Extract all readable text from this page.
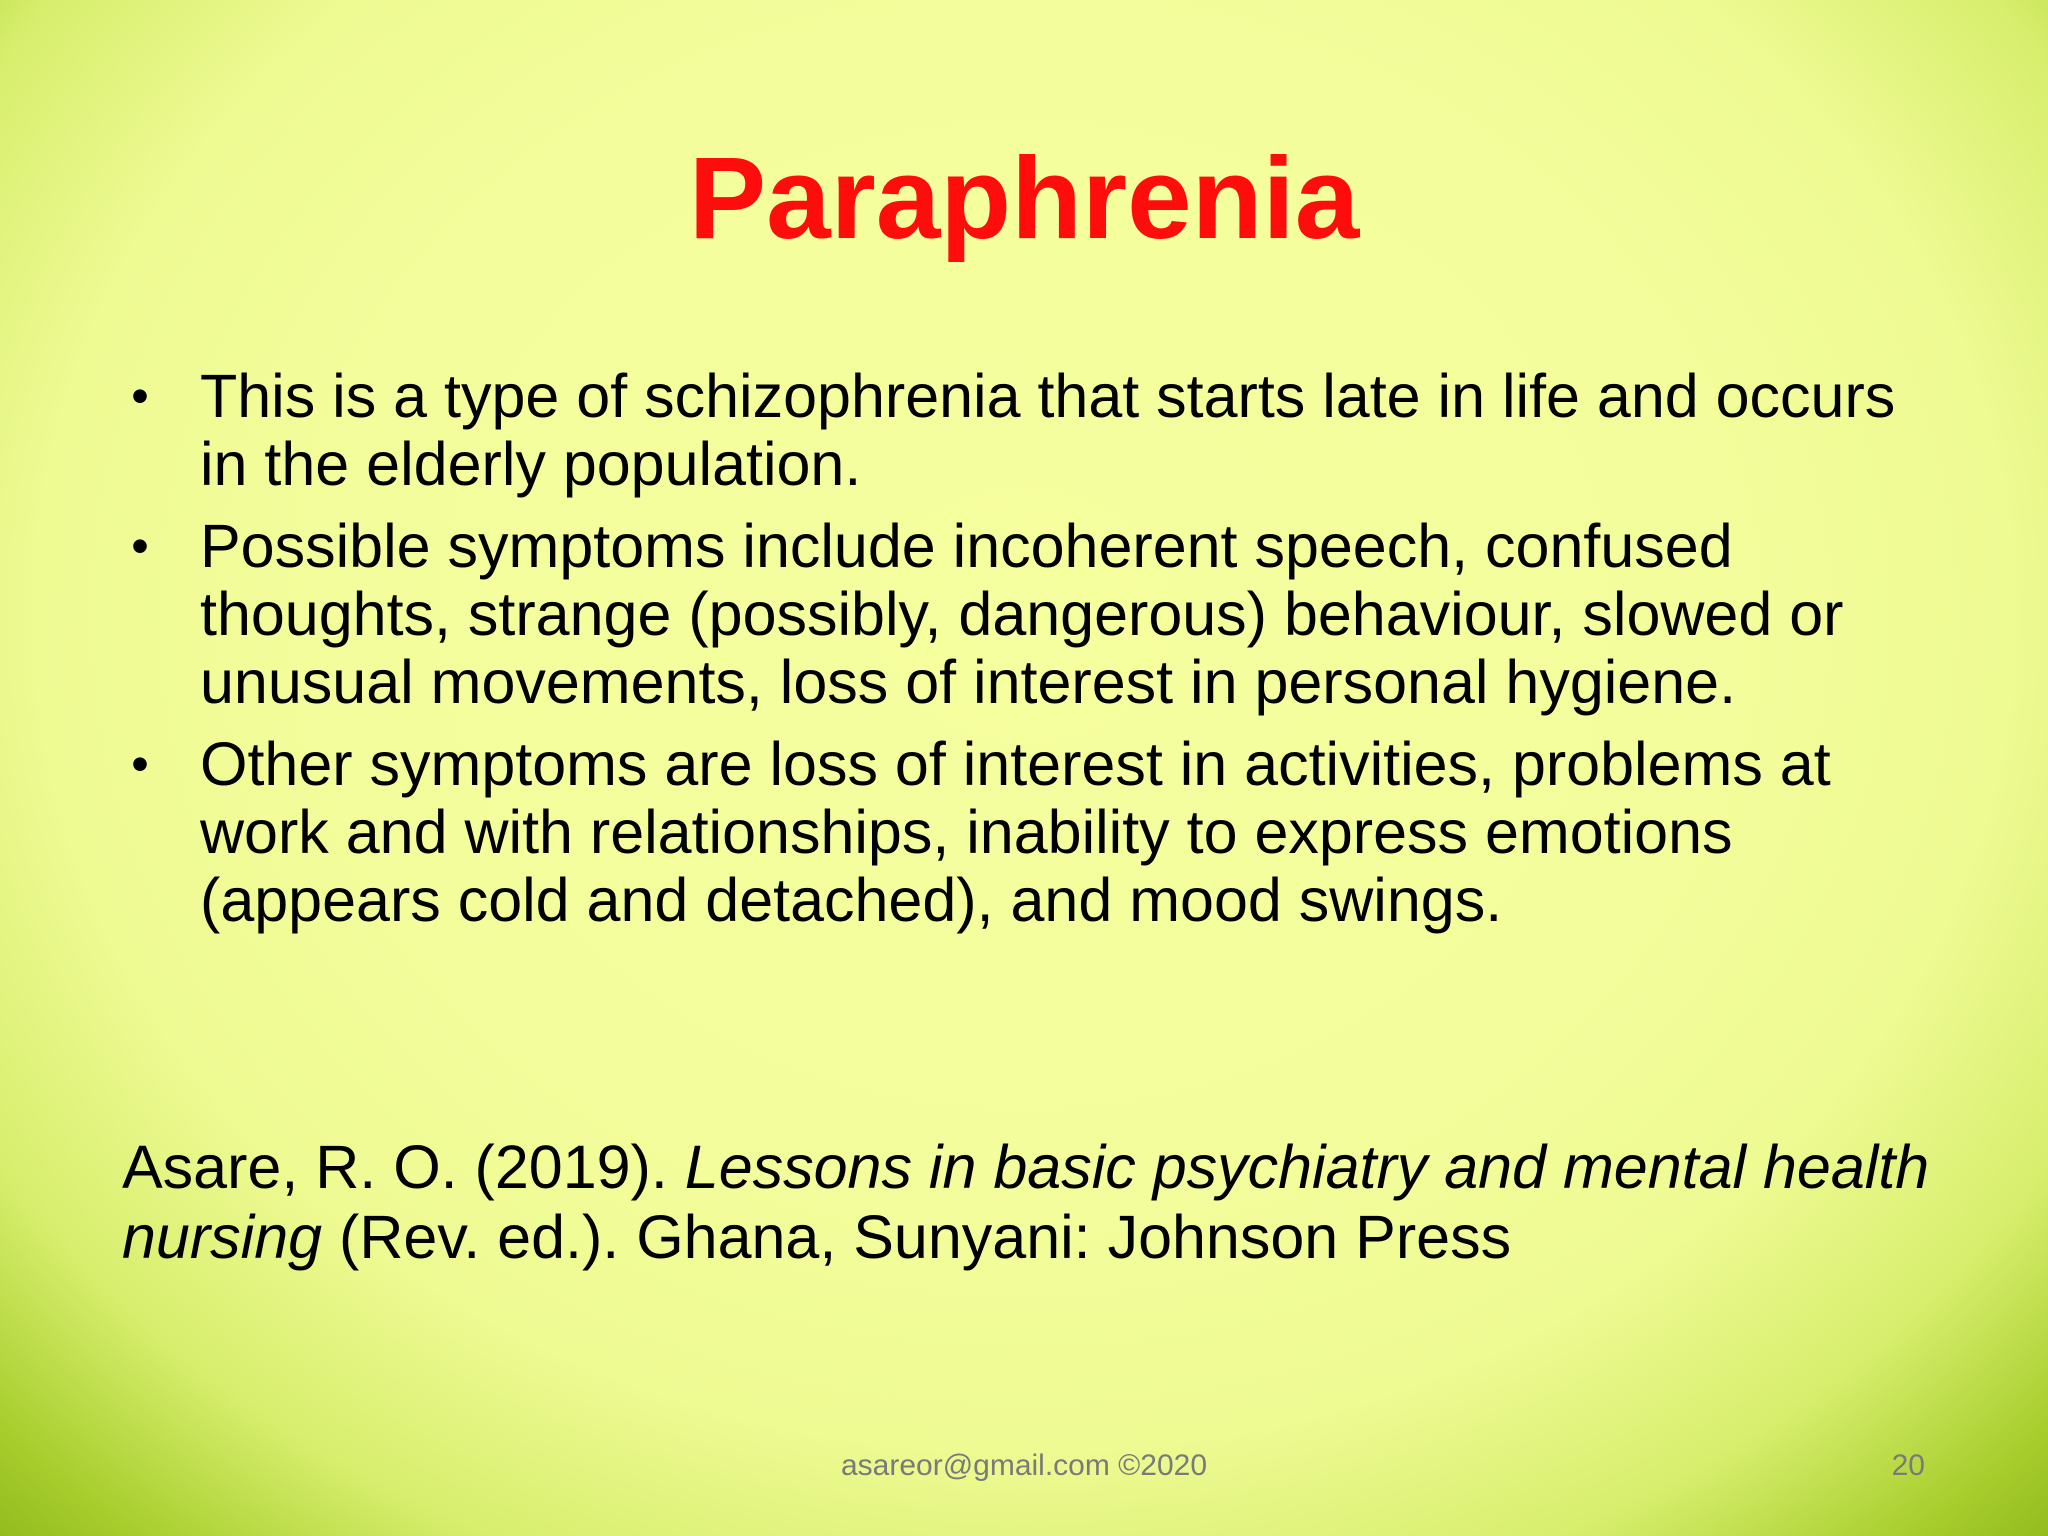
Paraphrenia
• This is a type of schizophrenia that starts late in life and occurs in the elderly population.
• Possible symptoms include incoherent speech, confused thoughts, strange (possibly, dangerous) behaviour, slowed or unusual movements, loss of interest in personal hygiene.
• Other symptoms are loss of interest in activities, problems at work and with relationships, inability to express emotions (appears cold and detached), and mood swings.
Asare, R. O. (2019). Lessons in basic psychiatry and mental health nursing (Rev. ed.). Ghana, Sunyani: Johnson Press
asareor@gmail.com ©2020	20
